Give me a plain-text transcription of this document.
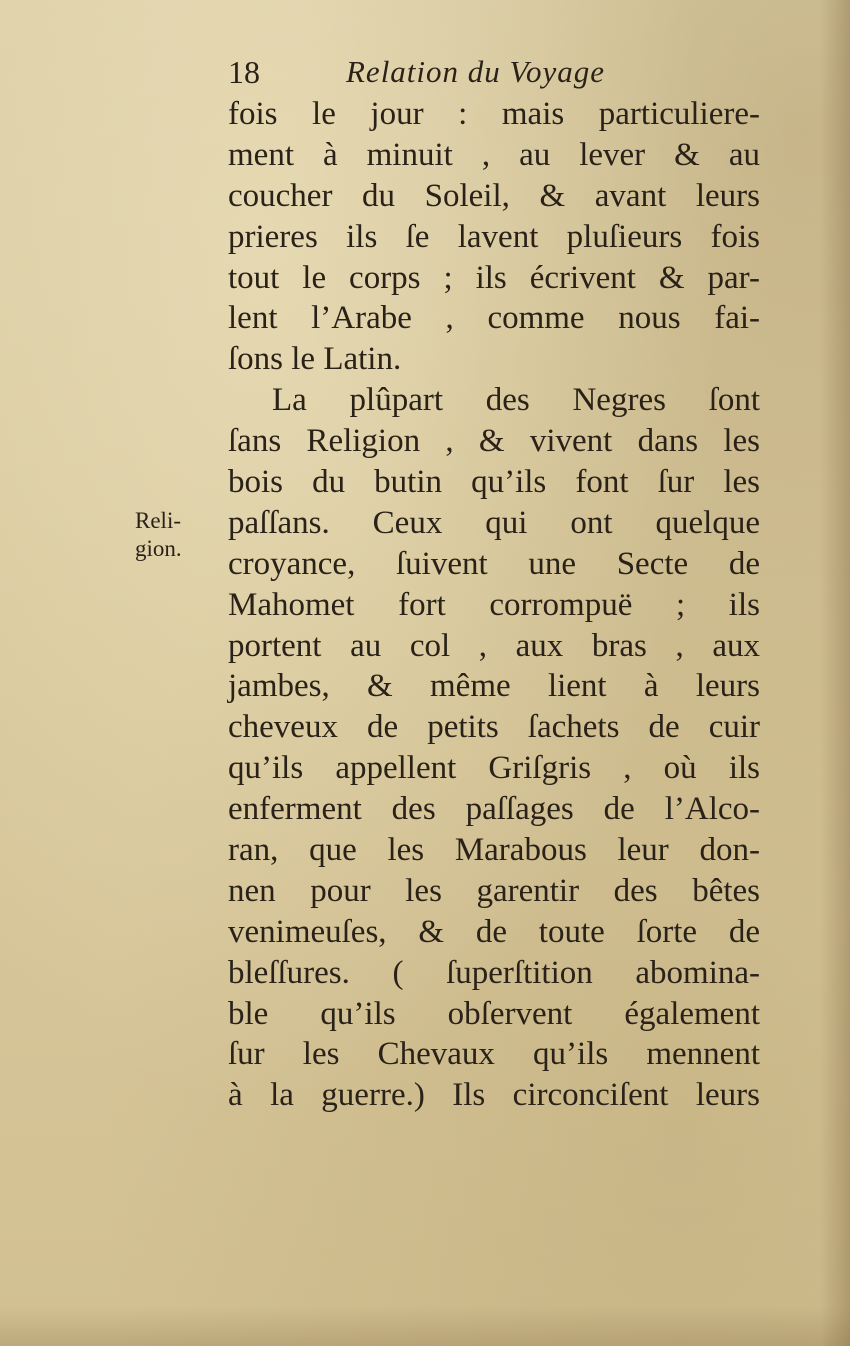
18	Relation du Voyage
Reli-
gion.
fois le jour : mais particuliere-
ment à minuit , au lever & au
coucher du Soleil, & avant leurs
prieres ils ſe lavent pluſieurs fois
tout le corps ; ils écrivent & par-
lent l’Arabe , comme nous fai-
ſons le Latin.
La plûpart des Negres ſont
ſans Religion , & vivent dans les
bois du butin qu’ils font ſur les
paſſans. Ceux qui ont quelque
croyance, ſuivent une Secte de
Mahomet fort corrompuë ; ils
portent au col , aux bras , aux
jambes, & même lient à leurs
cheveux de petits ſachets de cuir
qu’ils appellent Griſgris , où ils
enferment des paſſages de l’Alco-
ran, que les Marabous leur don-
nen pour les garentir des bêtes
venimeuſes, & de toute ſorte de
bleſſures. ( ſuperſtition abomina-
ble qu’ils obſervent également
ſur les Chevaux qu’ils mennent
à la guerre.) Ils circonciſent leurs
